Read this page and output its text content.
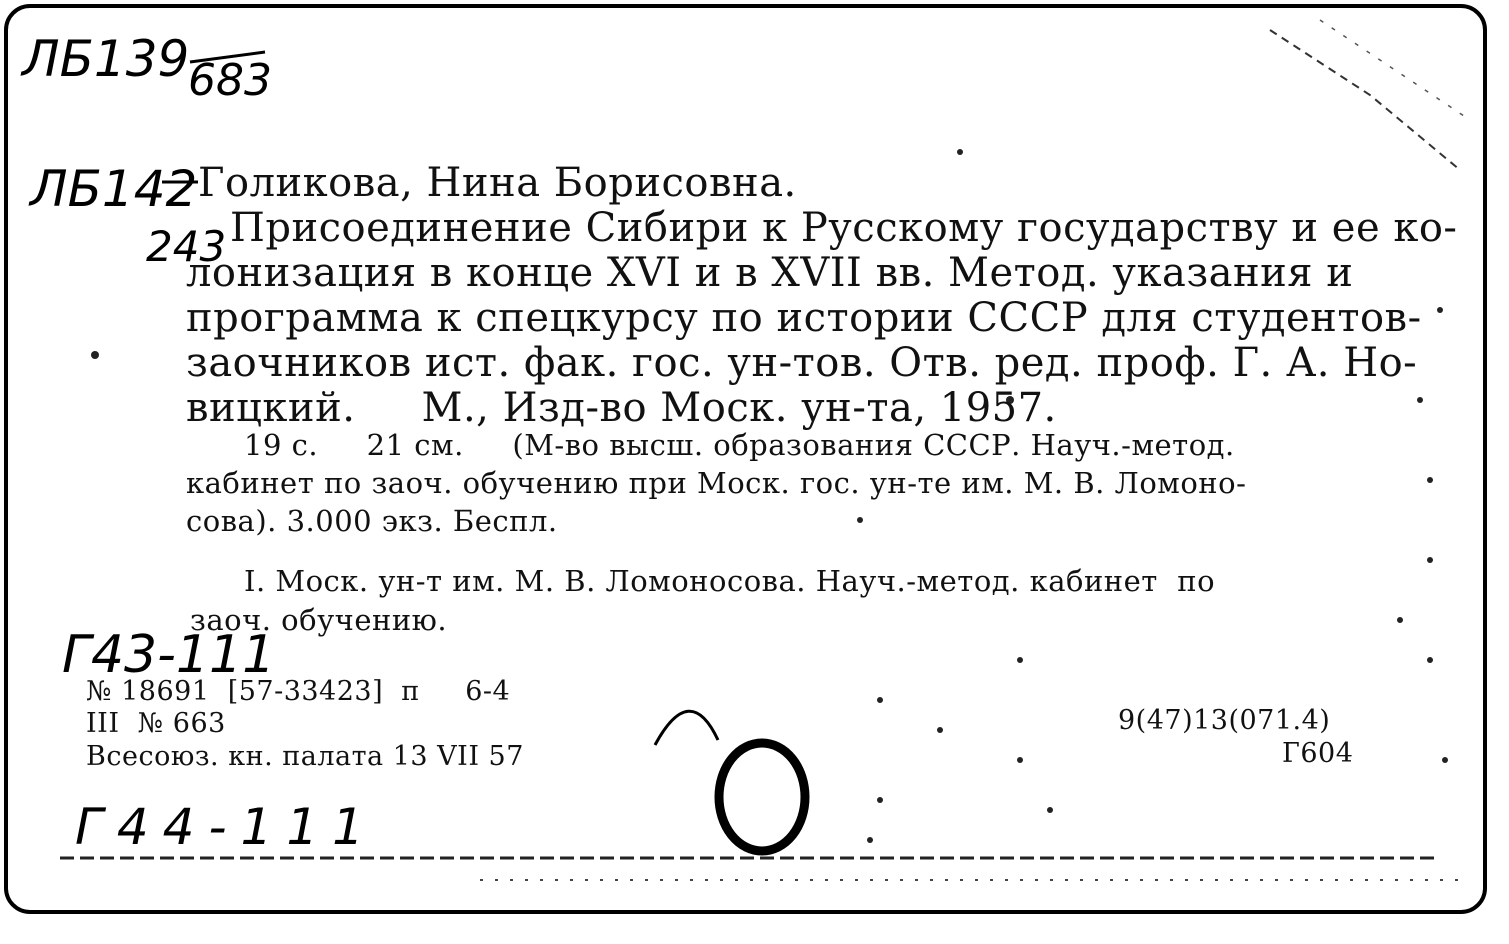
ЛБ139
683
ЛБ142
243
Г43-111
Г44-111
Голикова, Нина Борисовна.
Присоединение Сибири к Русскому государству и ее ко-
лонизация в конце XVI и в XVII вв. Метод. указания и
программа к спецкурсу по истории СССР для студентов-
заочников ист. фак. гос. ун-тов. Отв. ред. проф. Г. А. Но-
вицкий.     М., Изд-во Моск. ун-та, 1957.
19 с.     21 см.     (М-во высш. образования СССР. Науч.-метод.
кабинет по заоч. обучению при Моск. гос. ун-те им. М. В. Ломоно-
сова). 3.000 экз. Беспл.
I. Моск. ун-т им. М. В. Ломоносова. Науч.-метод. кабинет  по
заоч. обучению.
№ 18691  [57-33423]  п     6-4
III  № 663
Всесоюз. кн. палата 13 VII 57
9(47)13(071.4)
Г604
